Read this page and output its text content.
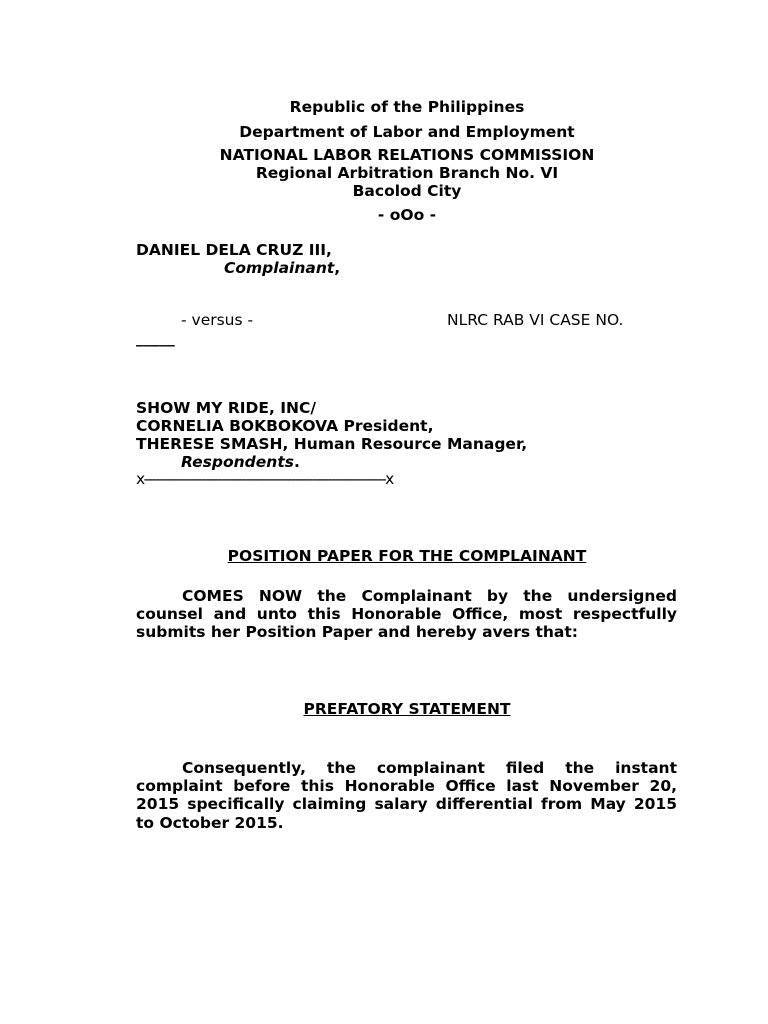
Republic of the Philippines
Department of Labor and Employment
NATIONAL LABOR RELATIONS COMMISSION
Regional Arbitration Branch No. VI
Bacolod City
- oOo -
DANIEL DELA CRUZ III,
Complainant,
- versus -	NLRC RAB VI CASE NO.
_____
SHOW MY RIDE, INC/
CORNELIA BOKBOKOVA President,
THERESE SMASH, Human Resource Manager,
Respondents.
x-----------------------------------------------------------x
POSITION PAPER FOR THE COMPLAINANT
COMES NOW the Complainant by the undersigned counsel and unto this Honorable Office, most respectfully submits her Position Paper and hereby avers that:
PREFATORY STATEMENT
Consequently, the complainant filed the instant complaint before this Honorable Office last November 20, 2015 specifically claiming salary differential from May 2015 to October 2015.
